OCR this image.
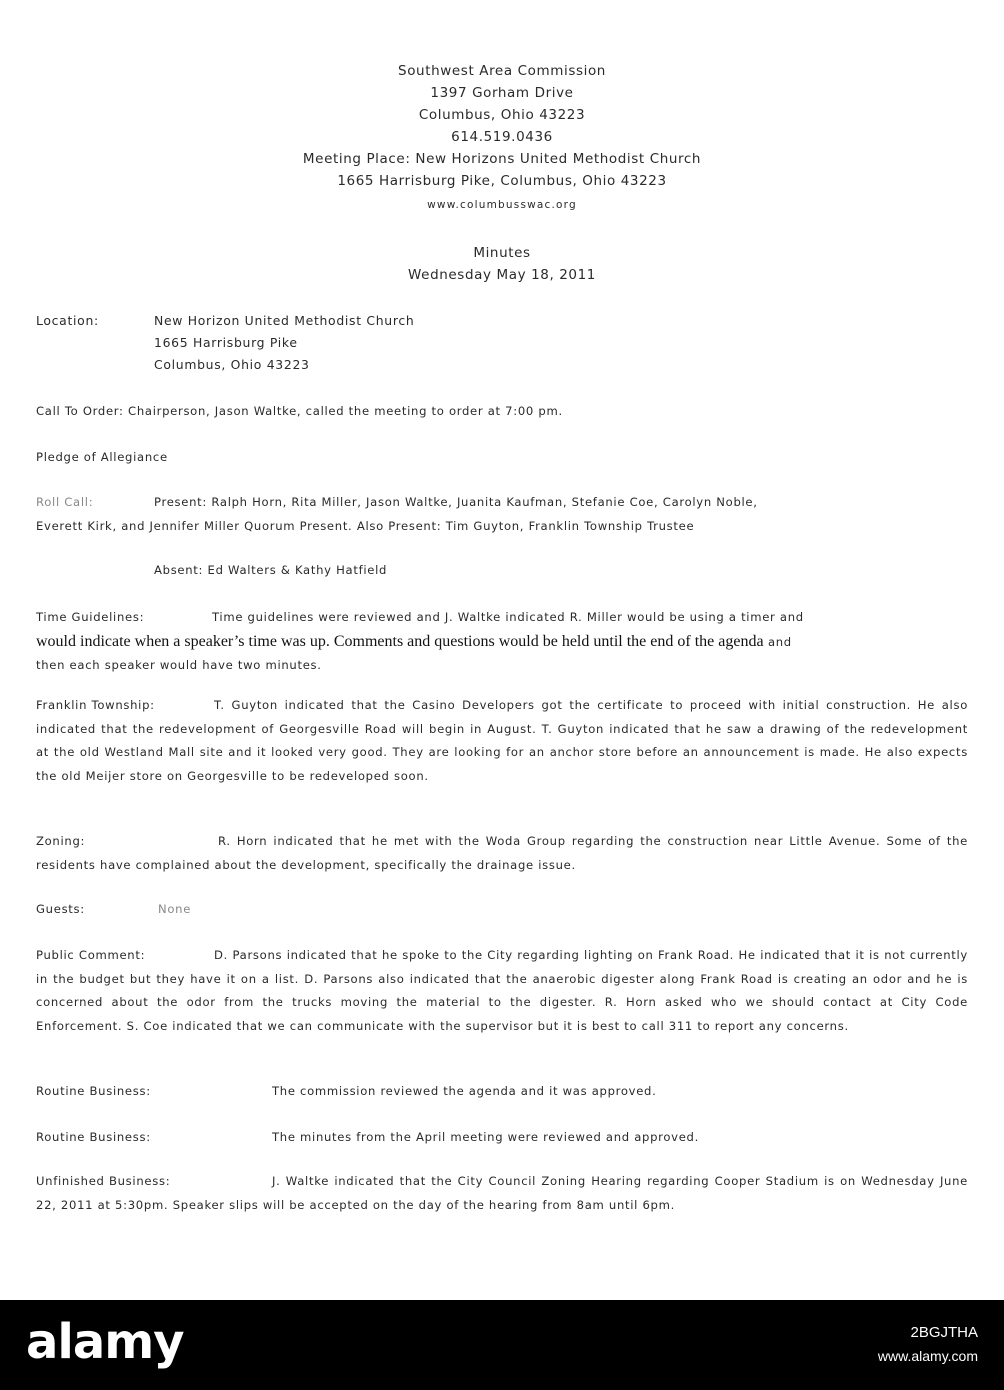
Southwest Area Commission
1397 Gorham Drive
Columbus, Ohio 43223
614.519.0436
Meeting Place: New Horizons United Methodist Church
1665 Harrisburg Pike, Columbus, Ohio 43223
www.columbusswac.org
Minutes
Wednesday May 18, 2011
Location:	New Horizon United Methodist Church
1665 Harrisburg Pike
Columbus, Ohio 43223
Call To Order: Chairperson, Jason Waltke, called the meeting to order at 7:00 pm.
Pledge of Allegiance
Roll Call:	Present: Ralph Horn, Rita Miller, Jason Waltke, Juanita Kaufman, Stefanie Coe, Carolyn Noble,
Everett Kirk, and Jennifer Miller Quorum Present. Also Present: Tim Guyton, Franklin Township Trustee
Absent: Ed Walters & Kathy Hatfield
Time Guidelines:	Time guidelines were reviewed and J. Waltke indicated R. Miller would be using a timer and
would indicate when a speaker’s time was up. Comments and questions would be held until the end of the agenda and
then each speaker would have two minutes.
Franklin Township:	T. Guyton indicated that the Casino Developers got the certificate to proceed with initial construction. He also indicated that the redevelopment of Georgesville Road will begin in August. T. Guyton indicated that he saw a drawing of the redevelopment at the old Westland Mall site and it looked very good. They are looking for an anchor store before an announcement is made. He also expects the old Meijer store on Georgesville to be redeveloped soon.
Zoning:	R. Horn indicated that he met with the Woda Group regarding the construction near Little Avenue. Some of the residents have complained about the development, specifically the drainage issue.
Guests:	None
Public Comment:	D. Parsons indicated that he spoke to the City regarding lighting on Frank Road. He indicated that it is not currently in the budget but they have it on a list. D. Parsons also indicated that the anaerobic digester along Frank Road is creating an odor and he is concerned about the odor from the trucks moving the material to the digester. R. Horn asked who we should contact at City Code Enforcement. S. Coe indicated that we can communicate with the supervisor but it is best to call 311 to report any concerns.
Routine Business:	The commission reviewed the agenda and it was approved.
Routine Business:	The minutes from the April meeting were reviewed and approved.
Unfinished Business:	J. Waltke indicated that the City Council Zoning Hearing regarding Cooper Stadium is on Wednesday June 22, 2011 at 5:30pm. Speaker slips will be accepted on the day of the hearing from 8am until 6pm.
alamy	2BGJTHA
www.alamy.com
